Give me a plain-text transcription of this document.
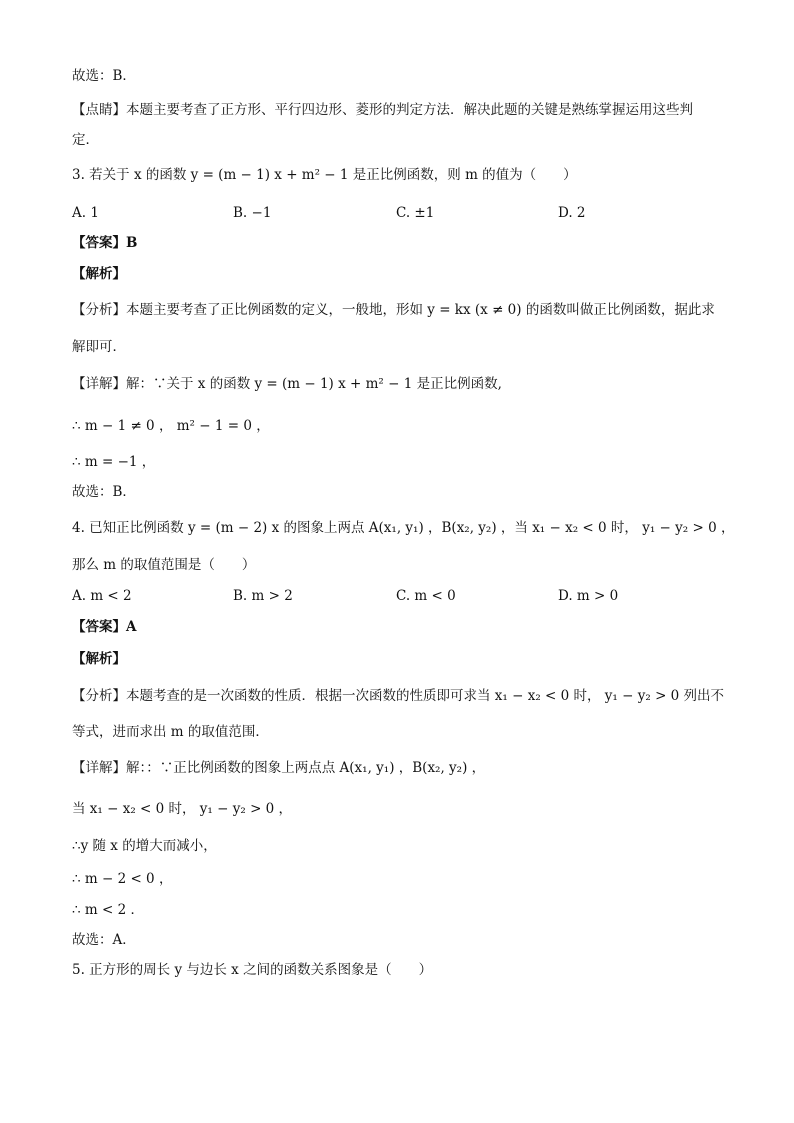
故选：B．
【点睛】本题主要考查了正方形、平行四边形、菱形的判定方法．解决此题的关键是熟练掌握运用这些判
定．
3. 若关于 x 的函数 y = (m − 1) x + m² − 1 是正比例函数，则 m 的值为（　　）
A. 1	B. −1	C. ±1	D. 2
【答案】B
【解析】
【分析】本题主要考查了正比例函数的定义，一般地，形如 y = kx (x ≠ 0) 的函数叫做正比例函数，据此求
解即可．
【详解】解：∵关于 x 的函数 y = (m − 1) x + m² − 1 是正比例函数,
∴ m − 1 ≠ 0 ， m² − 1 = 0 ，
∴ m = −1 ，
故选：B．
4. 已知正比例函数 y = (m − 2) x 的图象上两点 A(x₁, y₁) ，B(x₂, y₂) ，当 x₁ − x₂ < 0 时， y₁ − y₂ > 0 ，
那么 m 的取值范围是（　　）
A. m < 2	B. m > 2	C. m < 0	D. m > 0
【答案】A
【解析】
【分析】本题考查的是一次函数的性质．根据一次函数的性质即可求当 x₁ − x₂ < 0 时， y₁ − y₂ > 0 列出不
等式，进而求出 m 的取值范围．
【详解】解：：∵正比例函数的图象上两点点 A(x₁, y₁) ，B(x₂, y₂) ，
当 x₁ − x₂ < 0 时， y₁ − y₂ > 0 ，
∴y 随 x 的增大而减小，
∴ m − 2 < 0 ，
∴ m < 2 ．
故选：A．
5. 正方形的周长 y 与边长 x 之间的函数关系图象是（　　）
